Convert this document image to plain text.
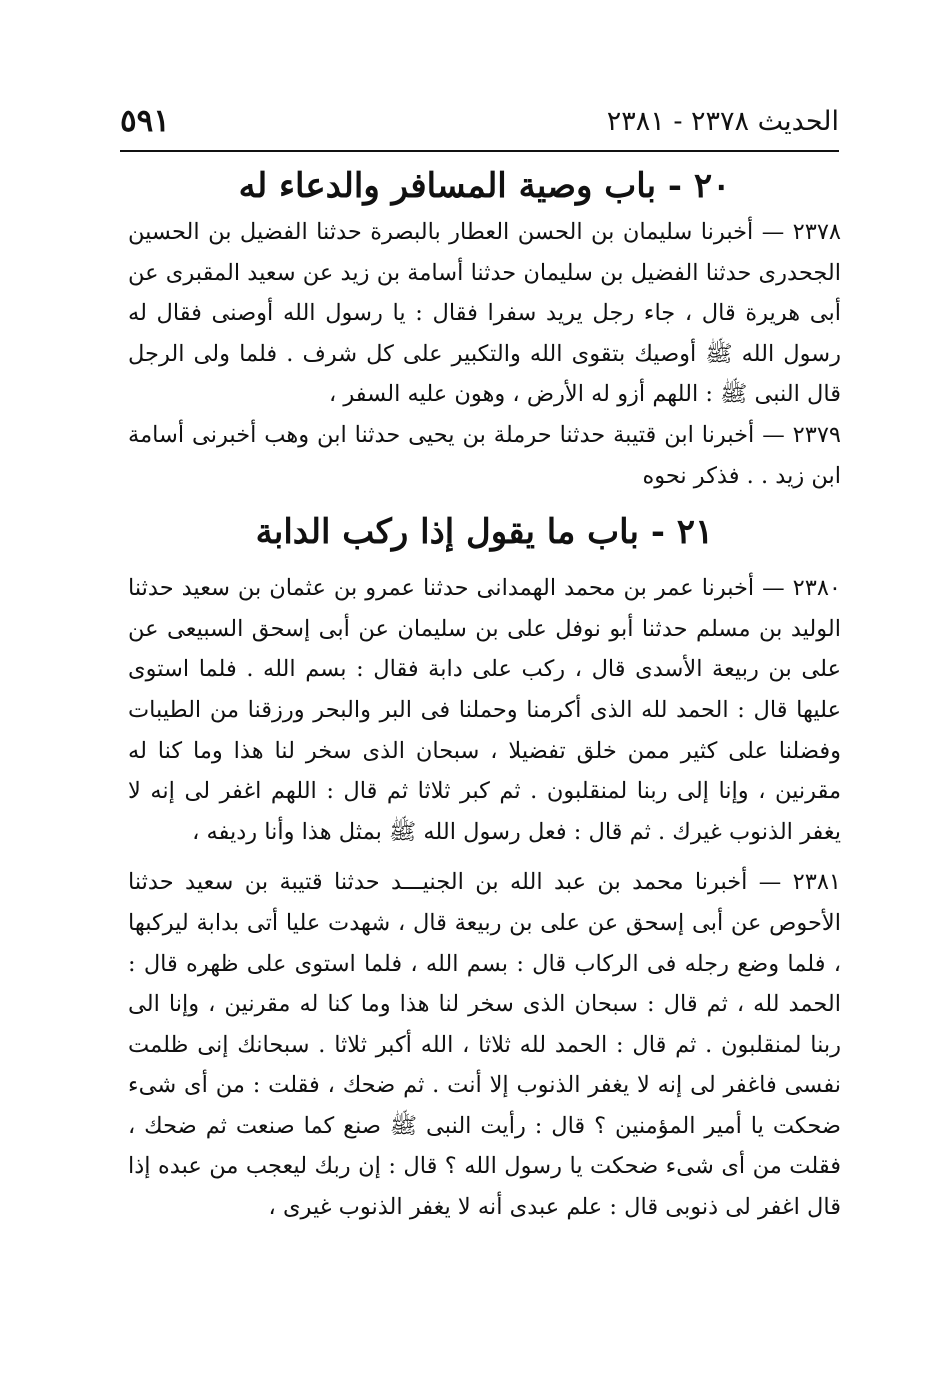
الحديث ٢٣٧٨ - ٢٣٨١
٥٩١
٢٠ - باب وصية المسافر والدعاء له

٢٣٧٨ — أخبرنا سليمان بن الحسن العطار بالبصرة حدثنا الفضيل بن الحسين الجحدرى حدثنا الفضيل بن سليمان حدثنا أسامة بن زيد عن سعيد المقبرى عن أبى هريرة قال ، جاء رجل يريد سفرا فقال : يا رسول الله أوصنى فقال له رسول الله ﷺ أوصيك بتقوى الله والتكبير على كل شرف . فلما ولى الرجل قال النبى ﷺ : اللهم أزو له الأرض ، وهون عليه السفر ،

٢٣٧٩ — أخبرنا ابن قتيبة حدثنا حرملة بن يحيى حدثنا ابن وهب أخبرنى أسامة ابن زيد . . فذكر نحوه

٢١ - باب ما يقول إذا ركب الدابة

٢٣٨٠ — أخبرنا عمر بن محمد الهمدانى حدثنا عمرو بن عثمان بن سعيد حدثنا الوليد بن مسلم حدثنا أبو نوفل على بن سليمان عن أبى إسحق السبيعى عن على بن ربيعة الأسدى قال ، ركب على دابة فقال : بسم الله . فلما استوى عليها قال : الحمد لله الذى أكرمنا وحملنا فى البر والبحر ورزقنا من الطيبات وفضلنا على كثير ممن خلق تفضيلا ، سبحان الذى سخر لنا هذا وما كنا له مقرنين ، وإنا إلى ربنا لمنقلبون . ثم كبر ثلاثا ثم قال : اللهم اغفر لى إنه لا يغفر الذنوب غيرك . ثم قال : فعل رسول الله ﷺ بمثل هذا وأنا رديفه ،

٢٣٨١ — أخبرنا محمد بن عبد الله بن الجنيـــد حدثنا قتيبة بن سعيد حدثنا الأحوص عن أبى إسحق عن على بن ربيعة قال ، شهدت عليا أتى بدابة ليركبها ، فلما وضع رجله فى الركاب قال : بسم الله ، فلما استوى على ظهره قال : الحمد لله ، ثم قال : سبحان الذى سخر لنا هذا وما كنا له مقرنين ، وإنا الى ربنا لمنقلبون . ثم قال : الحمد لله ثلاثا ، الله أكبر ثلاثا . سبحانك إنى ظلمت نفسى فاغفر لى إنه لا يغفر الذنوب إلا أنت . ثم ضحك ، فقلت : من أى شىء ضحكت يا أمير المؤمنين ؟ قال : رأيت النبى ﷺ صنع كما صنعت ثم ضحك ، فقلت من أى شىء ضحكت يا رسول الله ؟ قال : إن ربك ليعجب من عبده إذا قال اغفر لى ذنوبى قال : علم عبدى أنه لا يغفر الذنوب غيرى ،
